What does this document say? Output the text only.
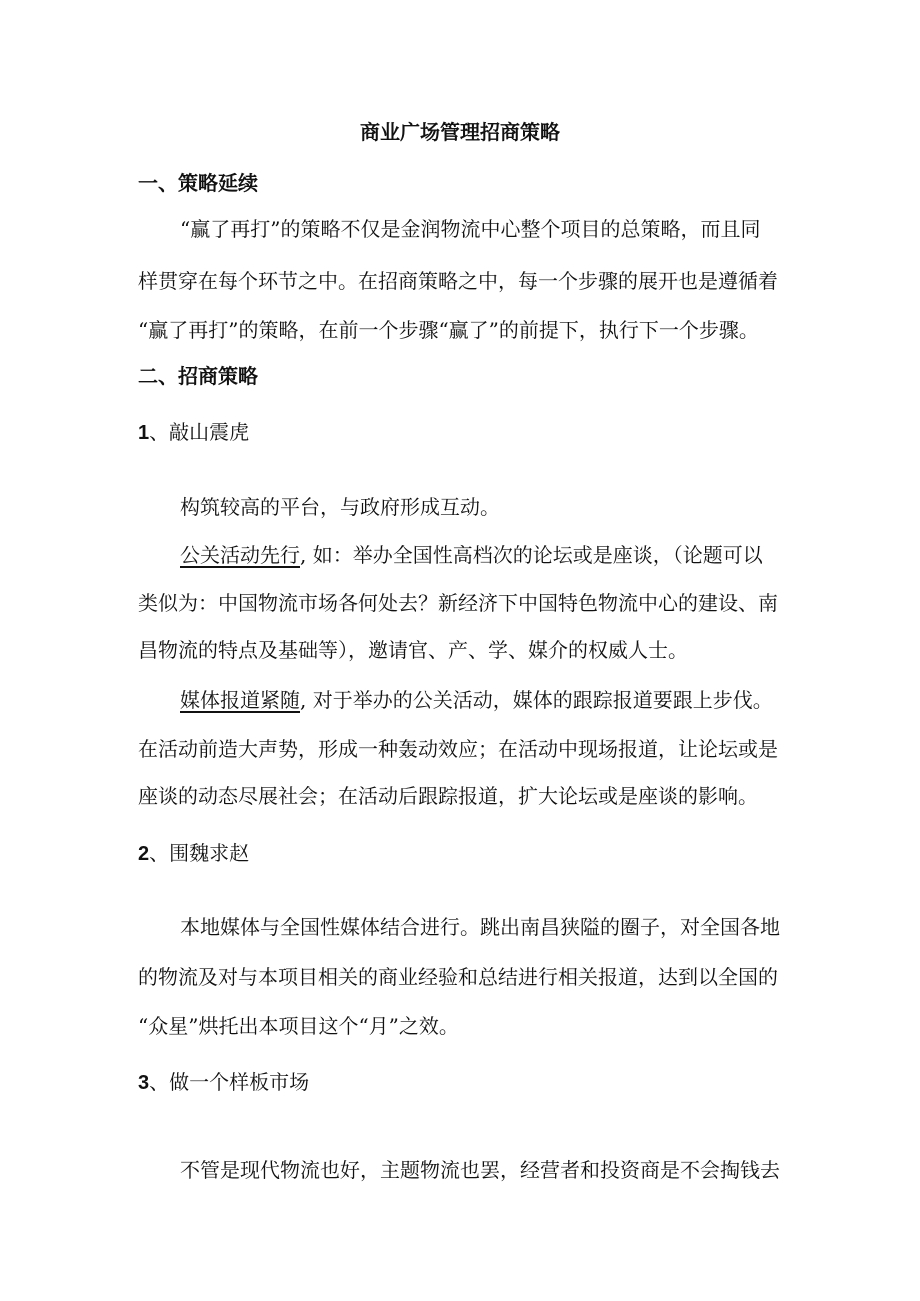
商业广场管理招商策略
一、策略延续
“赢了再打”的策略不仅是金润物流中心整个项目的总策略，而且同
样贯穿在每个环节之中。在招商策略之中，每一个步骤的展开也是遵循着
“赢了再打”的策略，在前一个步骤“赢了”的前提下，执行下一个步骤。
二、招商策略
1、敲山震虎
构筑较高的平台，与政府形成互动。
公关活动先行, 如：举办全国性高档次的论坛或是座谈，（论题可以
类似为：中国物流市场各何处去？新经济下中国特色物流中心的建设、南
昌物流的特点及基础等），邀请官、产、学、媒介的权威人士。
媒体报道紧随, 对于举办的公关活动，媒体的跟踪报道要跟上步伐。
在活动前造大声势，形成一种轰动效应；在活动中现场报道，让论坛或是
座谈的动态尽展社会；在活动后跟踪报道，扩大论坛或是座谈的影响。
2、围魏求赵
本地媒体与全国性媒体结合进行。跳出南昌狭隘的圈子，对全国各地
的物流及对与本项目相关的商业经验和总结进行相关报道，达到以全国的
“众星”烘托出本项目这个“月”之效。
3、做一个样板市场
不管是现代物流也好，主题物流也罢，经营者和投资商是不会掏钱去
